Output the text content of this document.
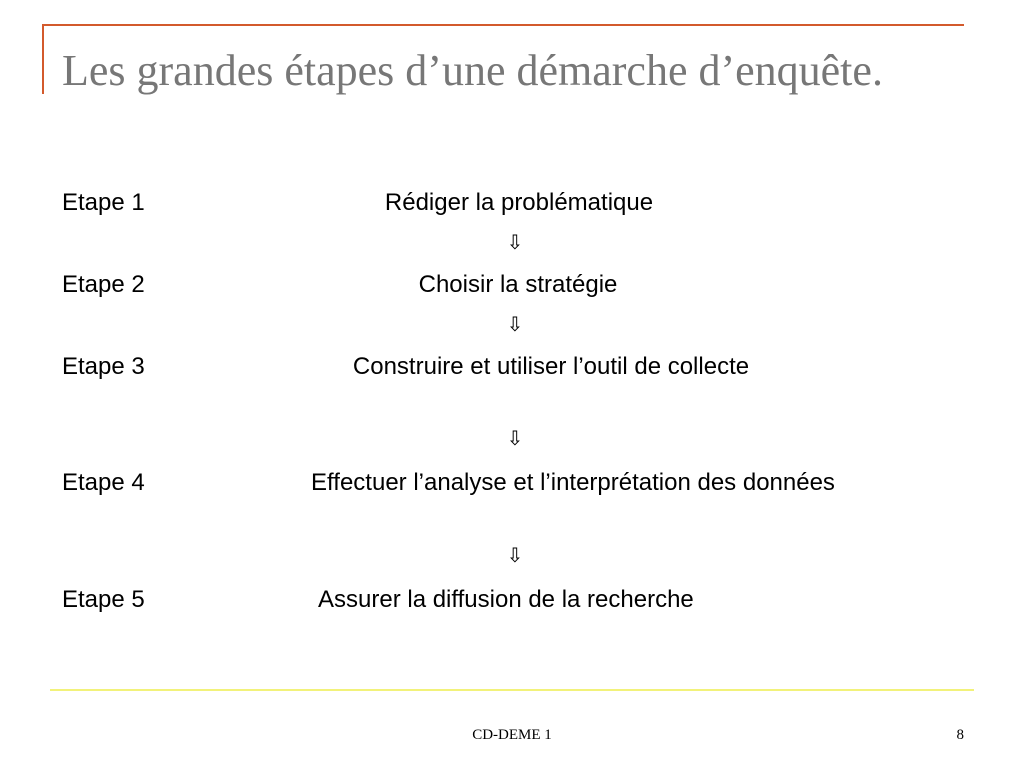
Les grandes étapes d’une démarche d’enquête.
Etape 1	Rédiger la problématique
⇩
Etape 2	Choisir la stratégie
⇩
Etape 3	Construire et utiliser l’outil de collecte
⇩
Etape 4	Effectuer l’analyse et l’interprétation des données
⇩
Etape 5	Assurer la diffusion de la recherche
CD-DEME 1	8
